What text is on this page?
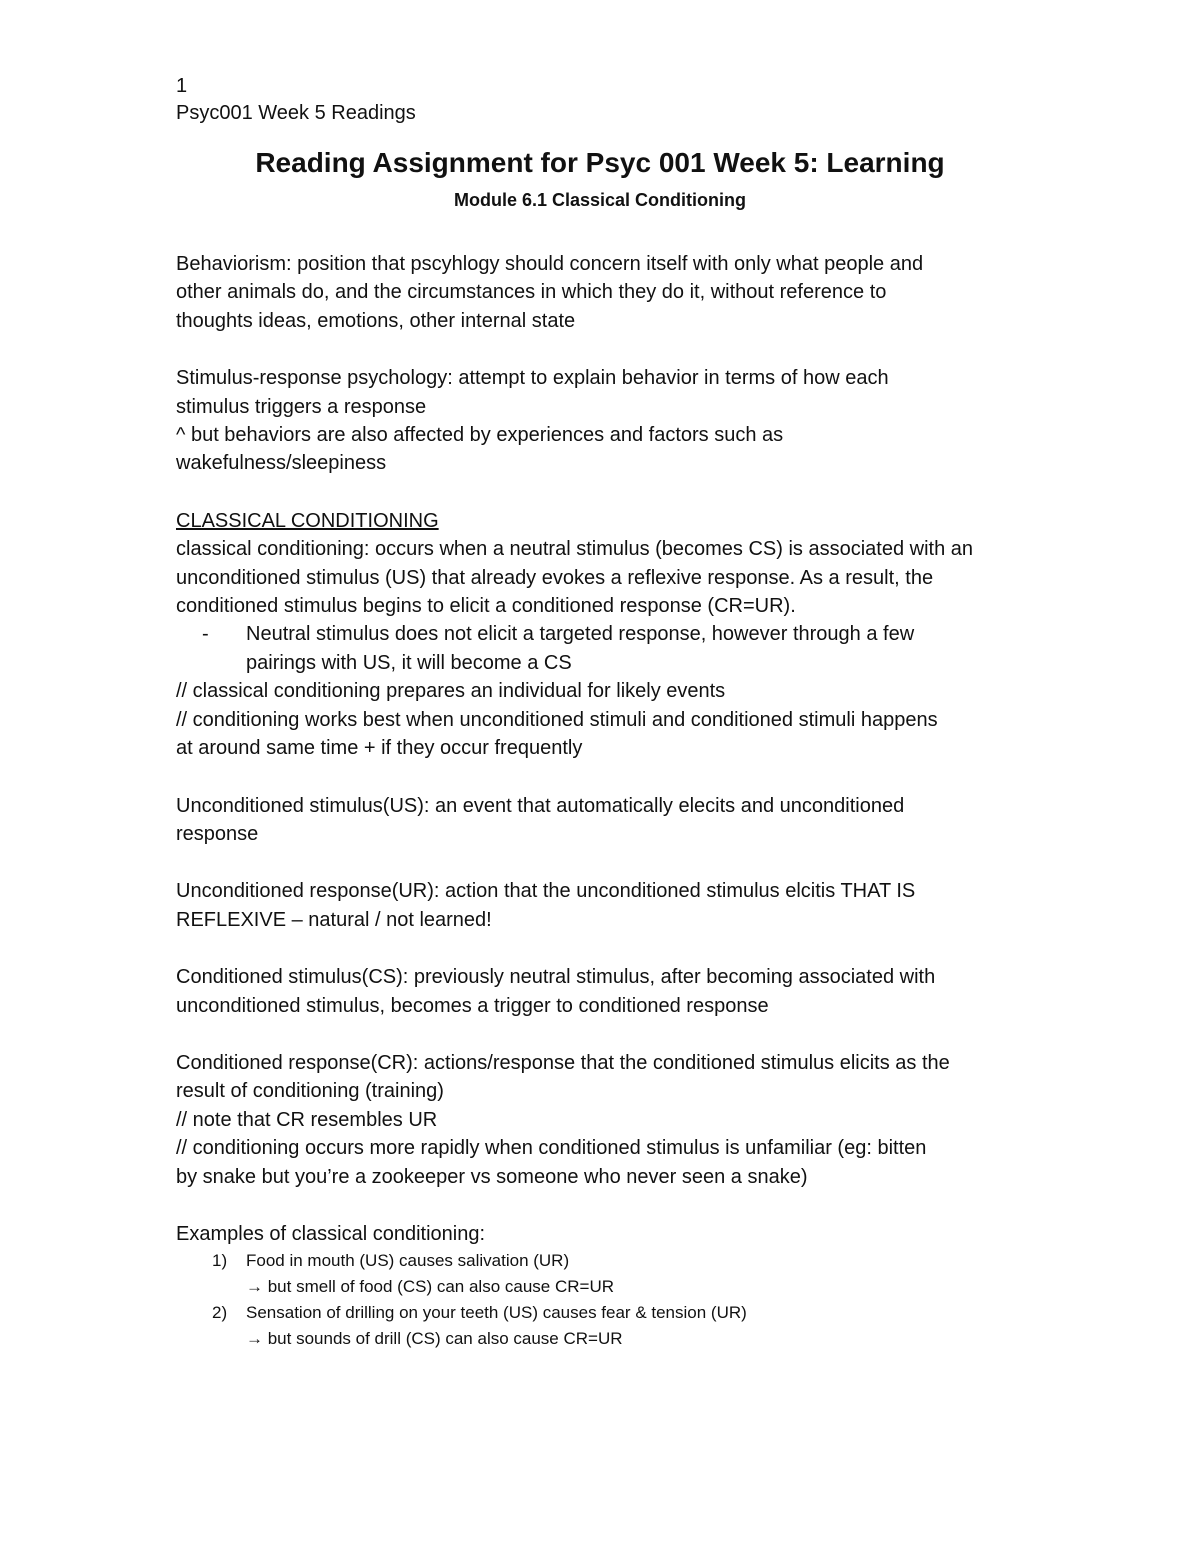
1
Psyc001 Week 5 Readings
Reading Assignment for Psyc 001 Week 5: Learning
Module 6.1 Classical Conditioning
Behaviorism: position that pscyhlogy should concern itself with only what people and
other animals do, and the circumstances in which they do it, without reference to
thoughts ideas, emotions, other internal state
Stimulus-response psychology: attempt to explain behavior in terms of how each
stimulus triggers a response
^ but behaviors are also affected by experiences and factors such as
wakefulness/sleepiness
CLASSICAL CONDITIONING
classical conditioning: occurs when a neutral stimulus (becomes CS) is associated with an
unconditioned stimulus (US) that already evokes a reflexive response. As a result, the
conditioned stimulus begins to elicit a conditioned response (CR=UR).
-	Neutral stimulus does not elicit a targeted response, however through a few
pairings with US, it will become a CS
// classical conditioning prepares an individual for likely events
// conditioning works best when unconditioned stimuli and conditioned stimuli happens
at around same time + if they occur frequently
Unconditioned stimulus(US): an event that automatically elecits and unconditioned
response
Unconditioned response(UR): action that the unconditioned stimulus elcitis THAT IS
REFLEXIVE – natural / not learned!
Conditioned stimulus(CS): previously neutral stimulus, after becoming associated with
unconditioned stimulus, becomes a trigger to conditioned response
Conditioned response(CR): actions/response that the conditioned stimulus elicits as the
result of conditioning (training)
// note that CR resembles UR
// conditioning occurs more rapidly when conditioned stimulus is unfamiliar (eg: bitten
by snake but you’re a zookeeper vs someone who never seen a snake)
Examples of classical conditioning:
1) Food in mouth (US) causes salivation (UR)
→ but smell of food (CS) can also cause CR=UR
2) Sensation of drilling on your teeth (US) causes fear & tension (UR)
→ but sounds of drill (CS) can also cause CR=UR
